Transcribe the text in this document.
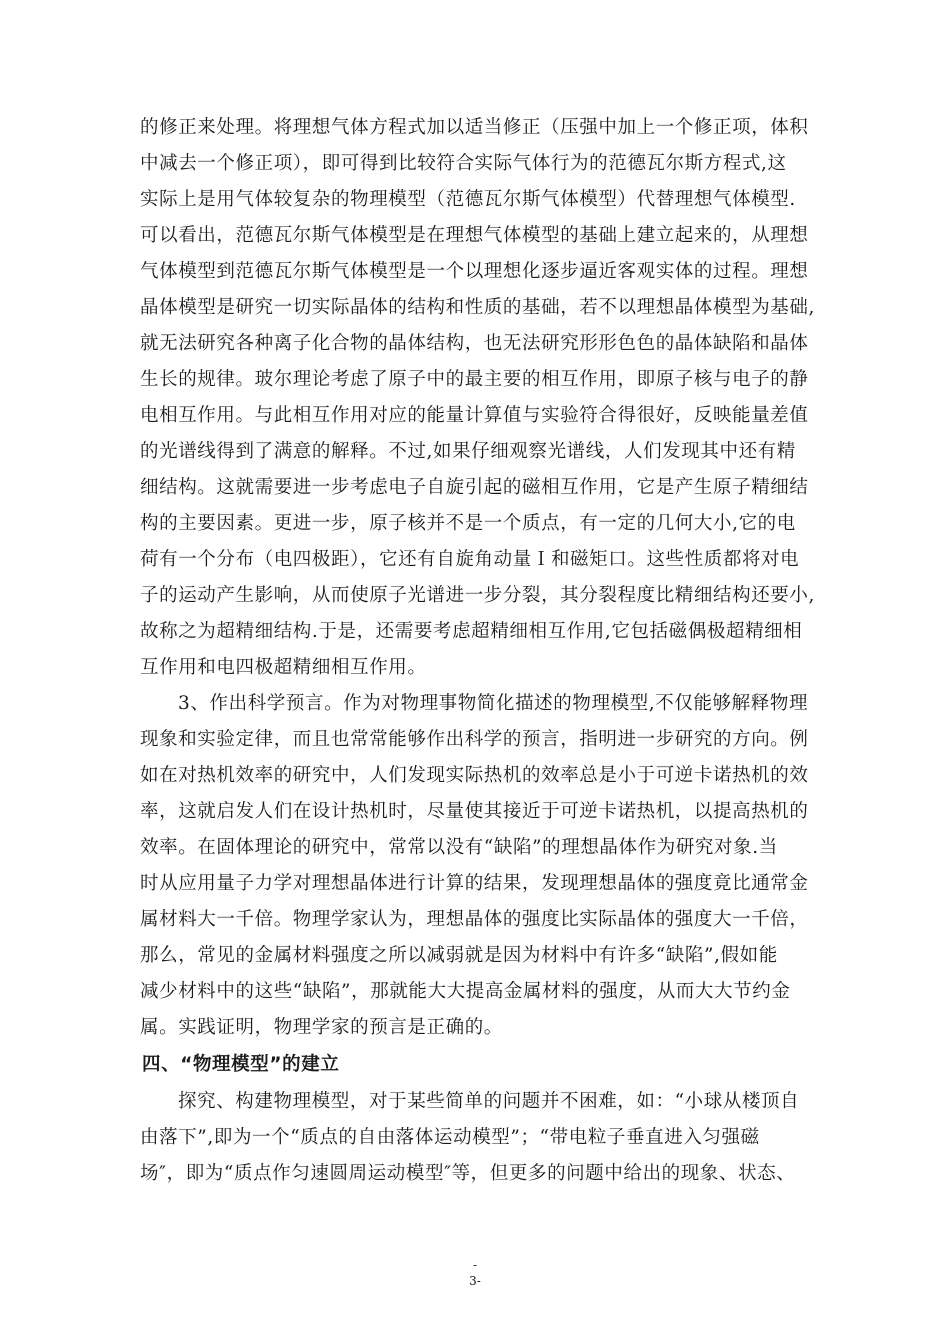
的修正来处理。将理想气体方程式加以适当修正（压强中加上一个修正项，体积
中减去一个修正项），即可得到比较符合实际气体行为的范德瓦尔斯方程式,这
实际上是用气体较复杂的物理模型（范德瓦尔斯气体模型）代替理想气体模型.
可以看出，范德瓦尔斯气体模型是在理想气体模型的基础上建立起来的，从理想
气体模型到范德瓦尔斯气体模型是一个以理想化逐步逼近客观实体的过程。理想
晶体模型是研究一切实际晶体的结构和性质的基础，若不以理想晶体模型为基础,
就无法研究各种离子化合物的晶体结构，也无法研究形形色色的晶体缺陷和晶体
生长的规律。玻尔理论考虑了原子中的最主要的相互作用，即原子核与电子的静
电相互作用。与此相互作用对应的能量计算值与实验符合得很好，反映能量差值
的光谱线得到了满意的解释。不过,如果仔细观察光谱线，人们发现其中还有精
细结构。这就需要进一步考虑电子自旋引起的磁相互作用，它是产生原子精细结
构的主要因素。更进一步，原子核并不是一个质点，有一定的几何大小,它的电
荷有一个分布（电四极距），它还有自旋角动量Ｉ和磁矩口。这些性质都将对电
子的运动产生影响，从而使原子光谱进一步分裂，其分裂程度比精细结构还要小,
故称之为超精细结构.于是，还需要考虑超精细相互作用,它包括磁偶极超精细相
互作用和电四极超精细相互作用。
3、作出科学预言。作为对物理事物简化描述的物理模型,不仅能够解释物理
现象和实验定律，而且也常常能够作出科学的预言，指明进一步研究的方向。例
如在对热机效率的研究中，人们发现实际热机的效率总是小于可逆卡诺热机的效
率，这就启发人们在设计热机时，尽量使其接近于可逆卡诺热机，以提高热机的
效率。在固体理论的研究中，常常以没有“缺陷”的理想晶体作为研究对象.当
时从应用量子力学对理想晶体进行计算的结果，发现理想晶体的强度竟比通常金
属材料大一千倍。物理学家认为，理想晶体的强度比实际晶体的强度大一千倍，
那么，常见的金属材料强度之所以减弱就是因为材料中有许多“缺陷”,假如能
减少材料中的这些“缺陷”，那就能大大提高金属材料的强度，从而大大节约金
属。实践证明，物理学家的预言是正确的。
四、“物理模型”的建立
探究、构建物理模型，对于某些简单的问题并不困难，如：“小球从楼顶自
由落下”,即为一个“质点的自由落体运动模型”；“带电粒子垂直进入匀强磁
场″，即为“质点作匀速圆周运动模型″等，但更多的问题中给出的现象、状态、
-
3-
